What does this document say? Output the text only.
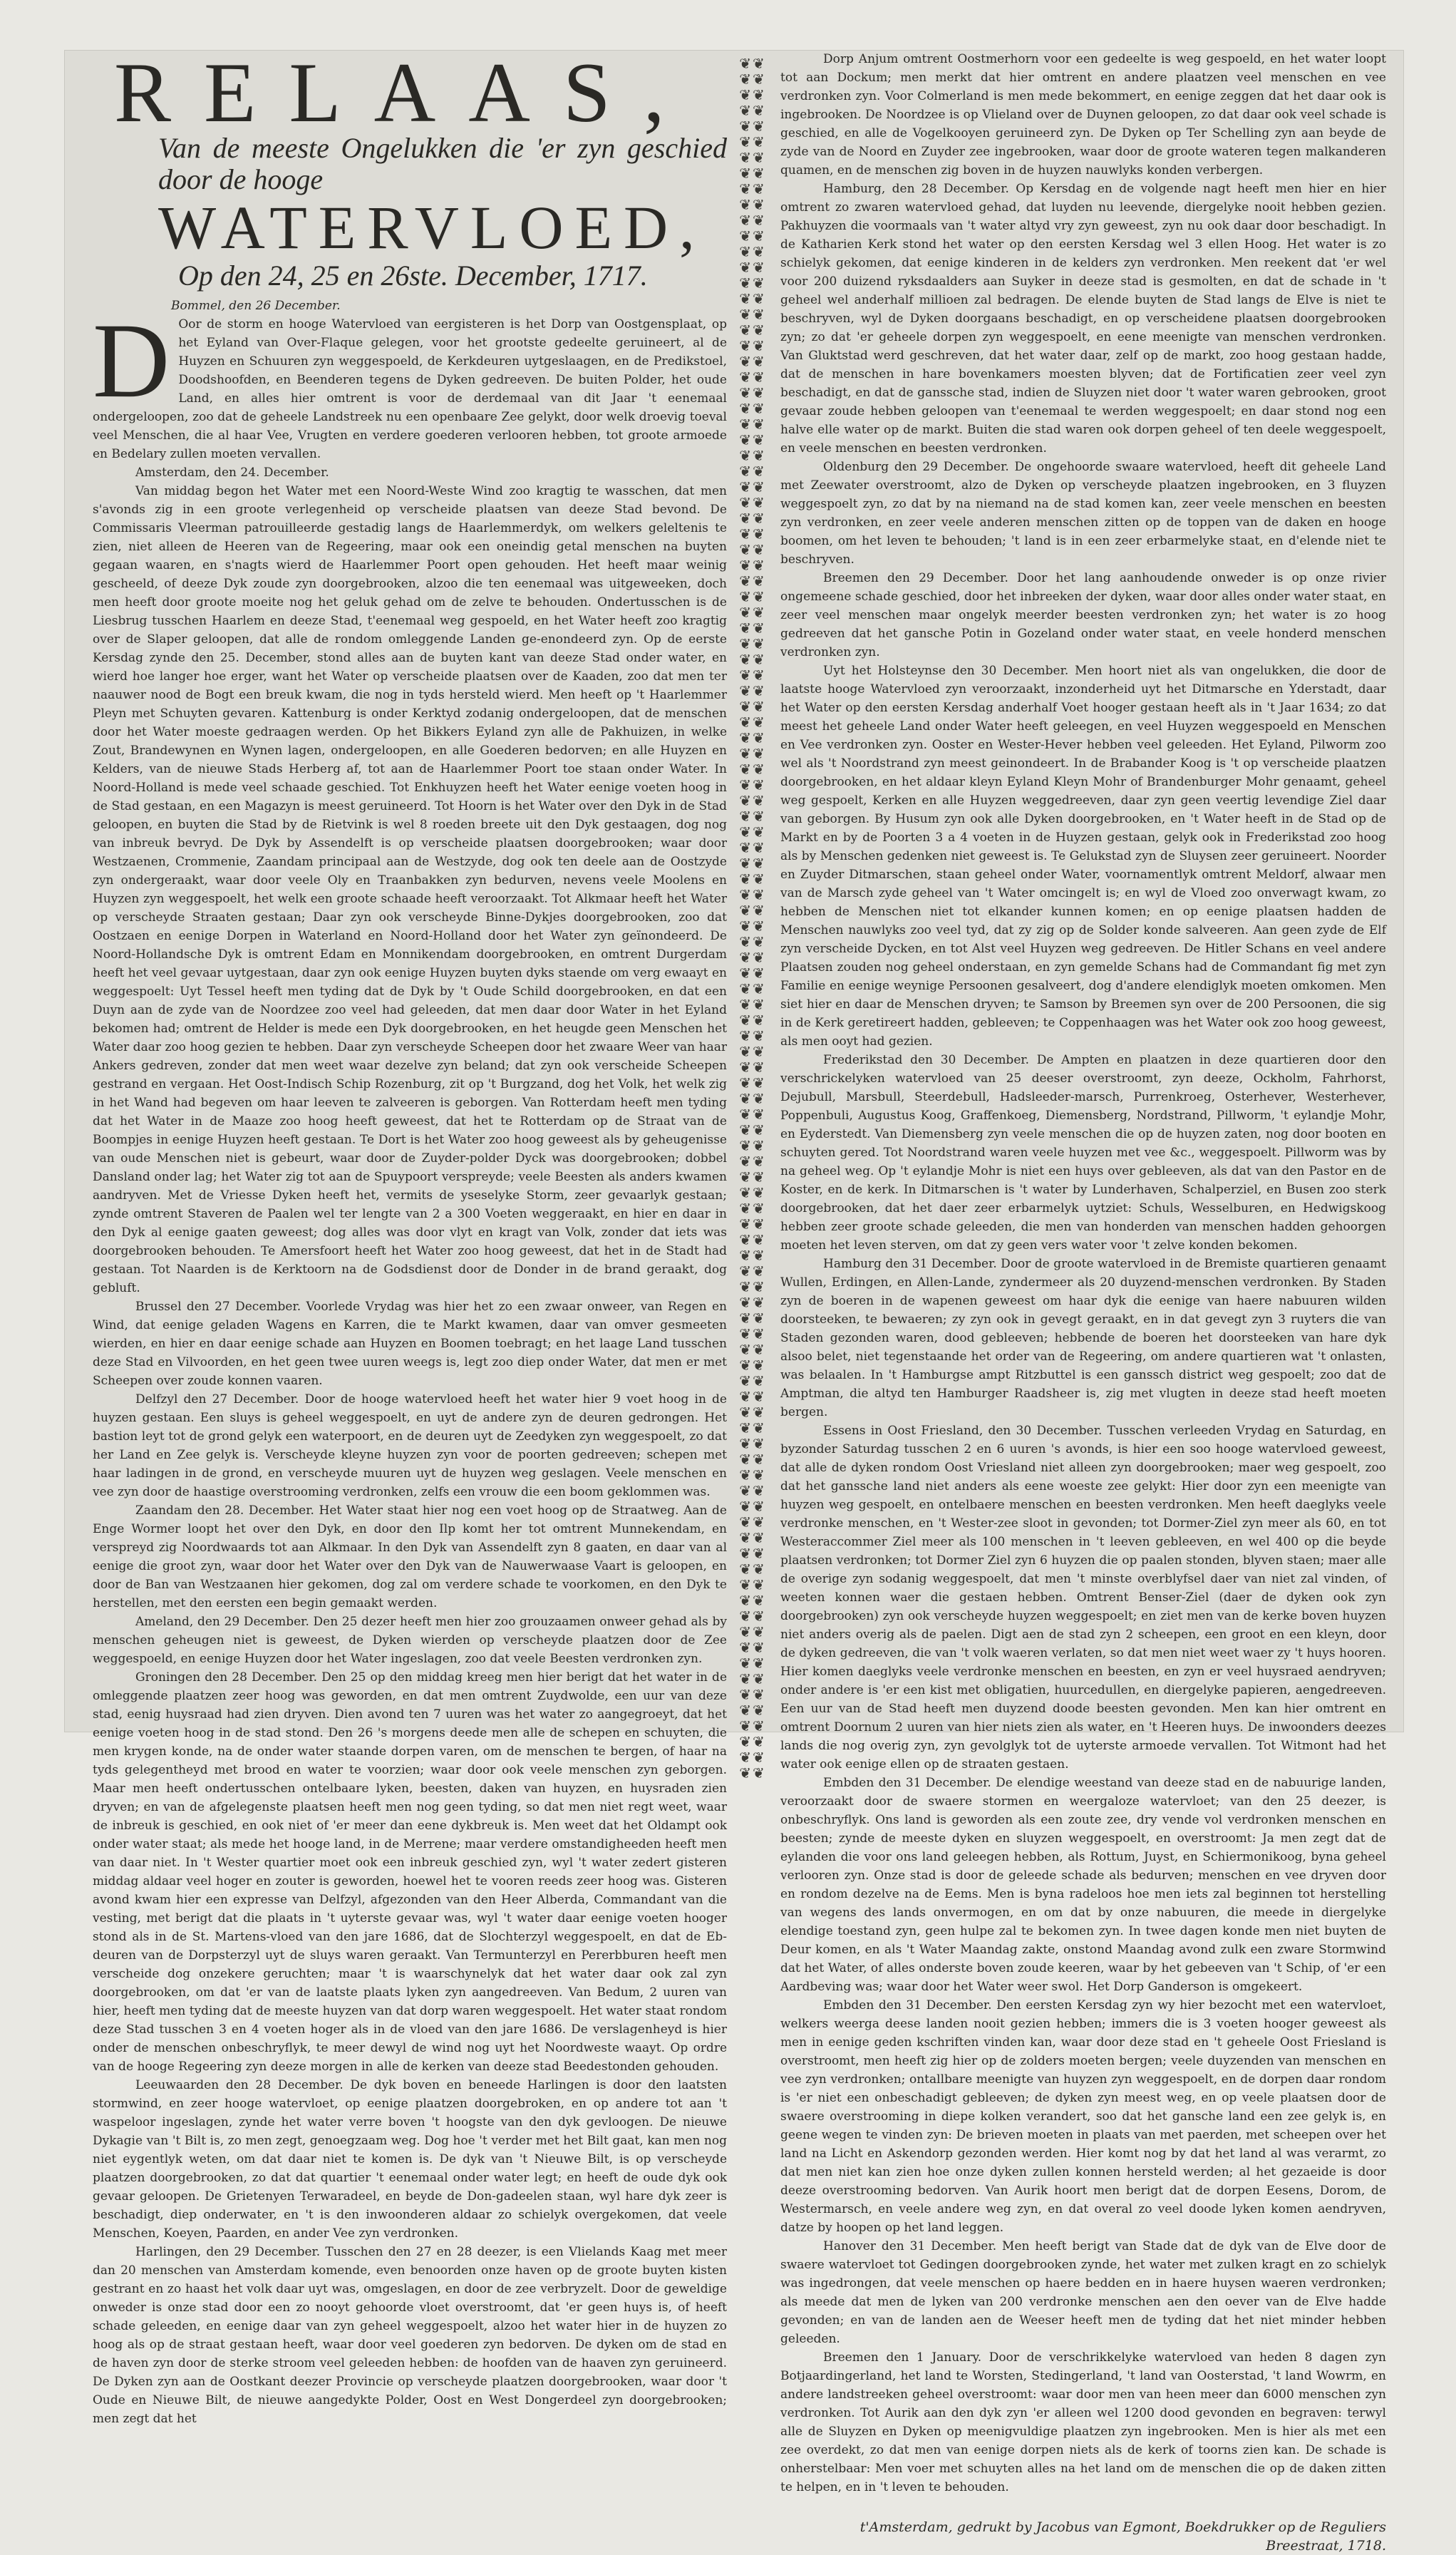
RELAAS,
Van de meeste Ongelukken die 'er zyn geschied door de hooge
WATERVLOED,
Op den 24, 25 en 26ste. December, 1717.
Bommel, den 26 December.
D Oor de storm en hooge Watervloed van eergisteren is het Dorp van Oostgensplaat, op het Eyland van Over-Flaque gelegen, voor het grootste gedeelte geruineert, al de Huyzen en Schuuren zyn weggespoeld, de Kerkdeuren uytgeslaagen, en de Predikstoel, Doodshoofden, en Beenderen tegens de Dyken gedreeven. De buiten Polder, het oude Land, en alles hier omtrent is voor de derdemaal van dit Jaar 't eenemaal ondergeloopen, zoo dat de geheele Landstreek nu een openbaare Zee gelykt, door welk droevig toeval veel Menschen, die al haar Vee, Vrugten en verdere goederen verlooren hebben, tot groote armoede en Bedelary zullen moeten vervallen.

Amsterdam, den 24. December.

Van middag begon het Water met een Noord-Weste Wind zoo kragtig te wasschen, dat men s'avonds zig in een groote verlegenheid op verscheide plaatsen van deeze Stad bevond. De Commissaris Vleerman patrouilleerde gestadig langs de Haarlemmerdyk, om welkers geleltenis te zien, niet alleen de Heeren van de Regeering, maar ook een oneindig getal menschen na buyten gegaan waaren, en s'nagts wierd de Haarlemmer Poort open gehouden. Het heeft maar weinig gescheeld, of deeze Dyk zoude zyn doorgebrooken, alzoo die ten eenemaal was uitgeweeken, doch men heeft door groote moeite nog het geluk gehad om de zelve te behouden. Ondertusschen is de Liesbrug tusschen Haarlem en deeze Stad, t'eenemaal weg gespoeld, en het Water heeft zoo kragtig over de Slaper geloopen, dat alle de rondom omleggende Landen ge-enondeerd zyn. Op de eerste Kersdag zynde den 25. December, stond alles aan de buyten kant van deeze Stad onder water, en wierd hoe langer hoe erger, want het Water op verscheide plaatsen over de Kaaden, zoo dat men ter naauwer nood de Bogt een breuk kwam, die nog in tyds hersteld wierd. Men heeft op 't Haarlemmer Pleyn met Schuyten gevaren. Kattenburg is onder Kerktyd zodanig ondergeloopen, dat de menschen door het Water moeste gedraagen werden. Op het Bikkers Eyland zyn alle de Pakhuizen, in welke Zout, Brandewynen en Wynen lagen, ondergeloopen, en alle Goederen bedorven; en alle Huyzen en Kelders, van de nieuwe Stads Herberg af, tot aan de Haarlemmer Poort toe staan onder Water. In Noord-Holland is mede veel schaade geschied. Tot Enkhuyzen heeft het Water eenige voeten hoog in de Stad gestaan, en een Magazyn is meest geruineerd. Tot Hoorn is het Water over den Dyk in de Stad geloopen, en buyten die Stad by de Rietvink is wel 8 roeden breete uit den Dyk gestaagen, dog nog van inbreuk bevryd. De Dyk by Assendelft is op verscheide plaatsen doorgebrooken; waar door Westzaenen, Crommenie, Zaandam principaal aan de Westzyde, dog ook ten deele aan de Oostzyde zyn ondergeraakt, waar door veele Oly en Traanbakken zyn bedurven, nevens veele Moolens en Huyzen zyn weggespoelt, het welk een groote schaade heeft veroorzaakt. Tot Alkmaar heeft het Water op verscheyde Straaten gestaan; Daar zyn ook verscheyde Binne-Dykjes doorgebrooken, zoo dat Oostzaen en eenige Dorpen in Waterland en Noord-Holland door het Water zyn geïnondeerd. De Noord-Hollandsche Dyk is omtrent Edam en Monnikendam doorgebrooken, en omtrent Durgerdam heeft het veel gevaar uytgestaan, daar zyn ook eenige Huyzen buyten dyks staende om verg ewaayt en weggespoelt: Uyt Tessel heeft men tyding dat de Dyk by 't Oude Schild doorgebrooken, en dat een Duyn aan de zyde van de Noordzee zoo veel had geleeden, dat men daar door Water in het Eyland bekomen had; omtrent de Helder is mede een Dyk doorgebrooken, en het heugde geen Menschen het Water daar zoo hoog gezien te hebben. Daar zyn verscheyde Scheepen door het zwaare Weer van haar Ankers gedreven, zonder dat men weet waar dezelve zyn beland; dat zyn ook verscheide Scheepen gestrand en vergaan. Het Oost-Indisch Schip Rozenburg, zit op 't Burgzand, dog het Volk, het welk zig in het Wand had begeven om haar leeven te zalveeren is geborgen. Van Rotterdam heeft men tyding dat het Water in de Maaze zoo hoog heeft geweest, dat het te Rotterdam op de Straat van de Boompjes in eenige Huyzen heeft gestaan. Te Dort is het Water zoo hoog geweest als by geheugenisse van oude Menschen niet is gebeurt, waar door de Zuyder-polder Dyck was doorgebrooken; dobbel Dansland onder lag; het Water zig tot aan de Spuypoort verspreyde; veele Beesten als anders kwamen aandryven. Met de Vriesse Dyken heeft het, vermits de yseselyke Storm, zeer gevaarlyk gestaan; zynde omtrent Staveren de Paalen wel ter lengte van 2 a 300 Voeten weggeraakt, en hier en daar in den Dyk al eenige gaaten geweest; dog alles was door vlyt en kragt van Volk, zonder dat iets was doorgebrooken behouden. Te Amersfoort heeft het Water zoo hoog geweest, dat het in de Stadt had gestaan. Tot Naarden is de Kerktoorn na de Godsdienst door de Donder in de brand geraakt, dog gebluft.

Brussel den 27 December. Voorlede Vrydag was hier het zo een zwaar onweer, van Regen en Wind, dat eenige geladen Wagens en Karren, die te Markt kwamen, daar van omver gesmeeten wierden, en hier en daar eenige schade aan Huyzen en Boomen toebragt; en het laage Land tusschen deze Stad en Vilvoorden, en het geen twee uuren weegs is, legt zoo diep onder Water, dat men er met Scheepen over zoude konnen vaaren.

Delfzyl den 27 December. Door de hooge watervloed heeft het water hier 9 voet hoog in de huyzen gestaan. Een sluys is geheel weggespoelt, en uyt de andere zyn de deuren gedrongen. Het bastion leyt tot de grond gelyk een waterpoort, en de deuren uyt de Zeedyken zyn weggespoelt, zo dat her Land en Zee gelyk is. Verscheyde kleyne huyzen zyn voor de poorten gedreeven; schepen met haar ladingen in de grond, en verscheyde muuren uyt de huyzen weg geslagen. Veele menschen en vee zyn door de haastige overstrooming verdronken, zelfs een vrouw die een boom geklommen was.

Zaandam den 28. December. Het Water staat hier nog een voet hoog op de Straatweg. Aan de Enge Wormer loopt het over den Dyk, en door den Ilp komt her tot omtrent Munnekendam, en verspreyd zig Noordwaards tot aan Alkmaar. In den Dyk van Assendelft zyn 8 gaaten, en daar van al eenige die groot zyn, waar door het Water over den Dyk van de Nauwerwaase Vaart is geloopen, en door de Ban van Westzaanen hier gekomen, dog zal om verdere schade te voorkomen, en den Dyk te herstellen, met den eersten een begin gemaakt werden.

Ameland, den 29 December. Den 25 dezer heeft men hier zoo grouzaamen onweer gehad als by menschen geheugen niet is geweest, de Dyken wierden op verscheyde plaatzen door de Zee weggespoeld, en eenige Huyzen door het Water ingeslagen, zoo dat veele Beesten verdronken zyn.

Groningen den 28 December. Den 25 op den middag kreeg men hier berigt dat het water in de omleggende plaatzen zeer hoog was geworden, en dat men omtrent Zuydwolde, een uur van deze stad, eenig huysraad had zien dryven. Dien avond ten 7 uuren was het water zo aangegroeyt, dat het eenige voeten hoog in de stad stond. Den 26 's morgens deede men alle de schepen en schuyten, die men krygen konde, na de onder water staande dorpen varen, om de menschen te bergen, of haar na tyds gelegentheyd met brood en water te voorzien; waar door ook veele menschen zyn geborgen. Maar men heeft ondertusschen ontelbaare lyken, beesten, daken van huyzen, en huysraden zien dryven; en van de afgelegenste plaatsen heeft men nog geen tyding, so dat men niet regt weet, waar de inbreuk is geschied, en ook niet of 'er meer dan eene dykbreuk is. Men weet dat het Oldampt ook onder water staat; als mede het hooge land, in de Merrene; maar verdere omstandigheeden heeft men van daar niet. In 't Wester quartier moet ook een inbreuk geschied zyn, wyl 't water zedert gisteren middag aldaar veel hoger en zouter is geworden, hoewel het te vooren reeds zeer hoog was. Gisteren avond kwam hier een expresse van Delfzyl, afgezonden van den Heer Alberda, Commandant van die vesting, met berigt dat die plaats in 't uyterste gevaar was, wyl 't water daar eenige voeten hooger stond als in de St. Martens-vloed van den jare 1686, dat de Slochterzyl weggespoelt, en dat de Eb-deuren van de Dorpsterzyl uyt de sluys waren geraakt. Van Termunterzyl en Pererbburen heeft men verscheide dog onzekere geruchten; maar 't is waarschynelyk dat het water daar ook zal zyn doorgebrooken, om dat 'er van de laatste plaats lyken zyn aangedreeven. Van Bedum, 2 uuren van hier, heeft men tyding dat de meeste huyzen van dat dorp waren weggespoelt. Het water staat rondom deze Stad tusschen 3 en 4 voeten hoger als in de vloed van den jare 1686. De verslagenheyd is hier onder de menschen onbeschryflyk, te meer dewyl de wind nog uyt het Noordweste waayt. Op ordre van de hooge Regeering zyn deeze morgen in alle de kerken van deeze stad Beedestonden gehouden.

Leeuwaarden den 28 December. De dyk boven en beneede Harlingen is door den laatsten stormwind, en zeer hooge watervloet, op eenige plaatzen doorgebroken, en op andere tot aan 't waspeloor ingeslagen, zynde het water verre boven 't hoogste van den dyk gevloogen. De nieuwe Dykagie van 't Bilt is, zo men zegt, genoegzaam weg. Dog hoe 't verder met het Bilt gaat, kan men nog niet eygentlyk weten, om dat daar niet te komen is. De dyk van 't Nieuwe Bilt, is op verscheyde plaatzen doorgebrooken, zo dat dat quartier 't eenemaal onder water legt; en heeft de oude dyk ook gevaar geloopen. De Grietenyen Terwaradeel, en beyde de Don-gadeelen staan, wyl hare dyk zeer is beschadigt, diep onderwater, en 't is den inwoonderen aldaar zo schielyk overgekomen, dat veele Menschen, Koeyen, Paarden, en ander Vee zyn verdronken.

Harlingen, den 29 December. Tusschen den 27 en 28 deezer, is een Vlielands Kaag met meer dan 20 menschen van Amsterdam komende, even benoorden onze haven op de groote buyten kisten gestrant en zo haast het volk daar uyt was, omgeslagen, en door de zee verbryzelt. Door de geweldige onweder is onze stad door een zo nooyt gehoorde vloet overstroomt, dat 'er geen huys is, of heeft schade geleeden, en eenige daar van zyn geheel weggespoelt, alzoo het water hier in de huyzen zo hoog als op de straat gestaan heeft, waar door veel goederen zyn bedorven. De dyken om de stad en de haven zyn door de sterke stroom veel geleeden hebben: de hoofden van de haaven zyn geruineerd. De Dyken zyn aan de Oostkant deezer Provincie op verscheyde plaatzen doorgebrooken, waar door 't Oude en Nieuwe Bilt, de nieuwe aangedykte Polder, Oost en West Dongerdeel zyn doorgebrooken; men zegt dat het

❦❦
❦❦
❦❦
❦❦
❦❦
❦❦
❦❦
❦❦
❦❦
❦❦
❦❦
❦❦
❦❦
❦❦
❦❦
❦❦
❦❦
❦❦
❦❦
❦❦
❦❦
❦❦
❦❦
❦❦
❦❦
❦❦
❦❦
❦❦
❦❦
❦❦
❦❦
❦❦
❦❦
❦❦
❦❦
❦❦
❦❦
❦❦
❦❦
❦❦
❦❦
❦❦
❦❦
❦❦
❦❦
❦❦
❦❦
❦❦
❦❦
❦❦
❦❦
❦❦
❦❦
❦❦
❦❦
❦❦
❦❦
❦❦
❦❦
❦❦
❦❦
❦❦
❦❦
❦❦
❦❦
❦❦
❦❦
❦❦
❦❦
❦❦
❦❦
❦❦
❦❦
❦❦
❦❦
❦❦
❦❦
❦❦
❦❦
❦❦
❦❦
❦❦
❦❦
❦❦
❦❦
❦❦
❦❦
❦❦
❦❦
❦❦
❦❦
❦❦
❦❦
❦❦
❦❦
❦❦
❦❦
❦❦
❦❦
❦❦
❦❦
❦❦
❦❦
❦❦
❦❦
❦❦
❦❦
❦❦
❦❦
❦❦

Dorp Anjum omtrent Oostmerhorn voor een gedeelte is weg gespoeld, en het water loopt tot aan Dockum; men merkt dat hier omtrent en andere plaatzen veel menschen en vee verdronken zyn. Voor Colmerland is men mede bekommert, en eenige zeggen dat het daar ook is ingebrooken. De Noordzee is op Vlieland over de Duynen geloopen, zo dat daar ook veel schade is geschied, en alle de Vogelkooyen geruineerd zyn. De Dyken op Ter Schelling zyn aan beyde de zyde van de Noord en Zuyder zee ingebrooken, waar door de groote wateren tegen malkanderen quamen, en de menschen zig boven in de huyzen nauwlyks konden verbergen.

Hamburg, den 28 December. Op Kersdag en de volgende nagt heeft men hier en hier omtrent zo zwaren watervloed gehad, dat luyden nu leevende, diergelyke nooit hebben gezien. Pakhuyzen die voormaals van 't water altyd vry zyn geweest, zyn nu ook daar door beschadigt. In de Katharien Kerk stond het water op den eersten Kersdag wel 3 ellen Hoog. Het water is zo schielyk gekomen, dat eenige kinderen in de kelders zyn verdronken. Men reekent dat 'er wel voor 200 duizend ryksdaalders aan Suyker in deeze stad is gesmolten, en dat de schade in 't geheel wel anderhalf millioen zal bedragen. De elende buyten de Stad langs de Elve is niet te beschryven, wyl de Dyken doorgaans beschadigt, en op verscheidene plaatsen doorgebrooken zyn; zo dat 'er geheele dorpen zyn weggespoelt, en eene meenigte van menschen verdronken. Van Gluktstad werd geschreven, dat het water daar, zelf op de markt, zoo hoog gestaan hadde, dat de menschen in hare bovenkamers moesten blyven; dat de Fortificatien zeer veel zyn beschadigt, en dat de ganssche stad, indien de Sluyzen niet door 't water waren gebrooken, groot gevaar zoude hebben geloopen van t'eenemaal te werden weggespoelt; en daar stond nog een halve elle water op de markt. Buiten die stad waren ook dorpen geheel of ten deele weggespoelt, en veele menschen en beesten verdronken.

Oldenburg den 29 December. De ongehoorde swaare watervloed, heeft dit geheele Land met Zeewater overstroomt, alzo de Dyken op verscheyde plaatzen ingebrooken, en 3 fluyzen weggespoelt zyn, zo dat by na niemand na de stad komen kan, zeer veele menschen en beesten zyn verdronken, en zeer veele anderen menschen zitten op de toppen van de daken en hooge boomen, om het leven te behouden; 't land is in een zeer erbarmelyke staat, en d'elende niet te beschryven.

Breemen den 29 December. Door het lang aanhoudende onweder is op onze rivier ongemeene schade geschied, door het inbreeken der dyken, waar door alles onder water staat, en zeer veel menschen maar ongelyk meerder beesten verdronken zyn; het water is zo hoog gedreeven dat het gansche Potin in Gozeland onder water staat, en veele honderd menschen verdronken zyn.

Uyt het Holsteynse den 30 December. Men hoort niet als van ongelukken, die door de laatste hooge Watervloed zyn veroorzaakt, inzonderheid uyt het Ditmarsche en Yderstadt, daar het Water op den eersten Kersdag anderhalf Voet hooger gestaan heeft als in 't Jaar 1634; zo dat meest het geheele Land onder Water heeft geleegen, en veel Huyzen weggespoeld en Menschen en Vee verdronken zyn. Ooster en Wester-Hever hebben veel geleeden. Het Eyland, Pilworm zoo wel als 't Noordstrand zyn meest geinondeert. In de Brabander Koog is 't op verscheide plaatzen doorgebrooken, en het aldaar kleyn Eyland Kleyn Mohr of Brandenburger Mohr genaamt, geheel weg gespoelt, Kerken en alle Huyzen weggedreeven, daar zyn geen veertig levendige Ziel daar van geborgen. By Husum zyn ook alle Dyken doorgebrooken, en 't Water heeft in de Stad op de Markt en by de Poorten 3 a 4 voeten in de Huyzen gestaan, gelyk ook in Frederikstad zoo hoog als by Menschen gedenken niet geweest is. Te Gelukstad zyn de Sluysen zeer geruineert. Noorder en Zuyder Ditmarschen, staan geheel onder Water, voornamentlyk omtrent Meldorf, alwaar men van de Marsch zyde geheel van 't Water omcingelt is; en wyl de Vloed zoo onverwagt kwam, zo hebben de Menschen niet tot elkander kunnen komen; en op eenige plaatsen hadden de Menschen nauwlyks zoo veel tyd, dat zy zig op de Solder konde salveeren. Aan geen zyde de Elf zyn verscheide Dycken, en tot Alst veel Huyzen weg gedreeven. De Hitler Schans en veel andere Plaatsen zouden nog geheel onderstaan, en zyn gemelde Schans had de Commandant fig met zyn Familie en eenige weynige Persoonen gesalveert, dog d'andere elendiglyk moeten omkomen. Men siet hier en daar de Menschen dryven; te Samson by Breemen syn over de 200 Persoonen, die sig in de Kerk geretireert hadden, gebleeven; te Coppenhaagen was het Water ook zoo hoog geweest, als men ooyt had gezien.

Frederikstad den 30 December. De Ampten en plaatzen in deze quartieren door den verschrickelyken watervloed van 25 deeser overstroomt, zyn deeze, Ockholm, Fahrhorst, Dejubull, Marsbull, Steerdebull, Hadsleeder-marsch, Purrenkroeg, Osterhever, Westerhever, Poppenbuli, Augustus Koog, Graffenkoeg, Diemensberg, Nordstrand, Pillworm, 't eylandje Mohr, en Eyderstedt. Van Diemensberg zyn veele menschen die op de huyzen zaten, nog door booten en schuyten gered. Tot Noordstrand waren veele huyzen met vee &c., weggespoelt. Pillworm was by na geheel weg. Op 't eylandje Mohr is niet een huys over gebleeven, als dat van den Pastor en de Koster, en de kerk. In Ditmarschen is 't water by Lunderhaven, Schalperziel, en Busen zoo sterk doorgebrooken, dat het daer zeer erbarmelyk uytziet: Schuls, Wesselburen, en Hedwigskoog hebben zeer groote schade geleeden, die men van honderden van menschen hadden gehoorgen moeten het leven sterven, om dat zy geen vers water voor 't zelve konden bekomen.

Hamburg den 31 December. Door de groote watervloed in de Bremiste quartieren genaamt Wullen, Erdingen, en Allen-Lande, zyndermeer als 20 duyzend-menschen verdronken. By Staden zyn de boeren in de wapenen geweest om haar dyk die eenige van haere nabuuren wilden doorsteeken, te bewaeren; zy zyn ook in gevegt geraakt, en in dat gevegt zyn 3 ruyters die van Staden gezonden waren, dood gebleeven; hebbende de boeren het doorsteeken van hare dyk alsoo belet, niet tegenstaande het order van de Regeering, om andere quartieren wat 't onlasten, was belaalen. In 't Hamburgse ampt Ritzbuttel is een ganssch district weg gespoelt; zoo dat de Amptman, die altyd ten Hamburger Raadsheer is, zig met vlugten in deeze stad heeft moeten bergen.

Essens in Oost Friesland, den 30 December. Tusschen verleeden Vrydag en Saturdag, en byzonder Saturdag tusschen 2 en 6 uuren 's avonds, is hier een soo hooge watervloed geweest, dat alle de dyken rondom Oost Vriesland niet alleen zyn doorgebrooken; maer weg gespoelt, zoo dat het ganssche land niet anders als eene woeste zee gelykt: Hier door zyn een meenigte van huyzen weg gespoelt, en ontelbaere menschen en beesten verdronken. Men heeft daeglyks veele verdronke menschen, en 't Wester-zee sloot in gevonden; tot Dormer-Ziel zyn meer als 60, en tot Westeraccommer Ziel meer als 100 menschen in 't leeven gebleeven, en wel 400 op die beyde plaatsen verdronken; tot Dormer Ziel zyn 6 huyzen die op paalen stonden, blyven staen; maer alle de overige zyn sodanig weggespoelt, dat men 't minste overblyfsel daer van niet zal vinden, of weeten konnen waer die gestaen hebben. Omtrent Benser-Ziel (daer de dyken ook zyn doorgebrooken) zyn ook verscheyde huyzen weggespoelt; en ziet men van de kerke boven huyzen niet anders overig als de paelen. Digt aen de stad zyn 2 scheepen, een groot en een kleyn, door de dyken gedreeven, die van 't volk waeren verlaten, so dat men niet weet waer zy 't huys hooren. Hier komen daeglyks veele verdronke menschen en beesten, en zyn er veel huysraed aendryven; onder andere is 'er een kist met obligatien, huurcedullen, en diergelyke papieren, aengedreeven. Een uur van de Stad heeft men duyzend doode beesten gevonden. Men kan hier omtrent en omtrent Doornum 2 uuren van hier niets zien als water, en 't Heeren huys. De inwoonders deezes lands die nog overig zyn, zyn gevolglyk tot de uyterste armoede vervallen. Tot Witmont had het water ook eenige ellen op de straaten gestaen.

Embden den 31 December. De elendige weestand van deeze stad en de nabuurige landen, veroorzaakt door de swaere stormen en weergaloze watervloet; van den 25 deezer, is onbeschryflyk. Ons land is geworden als een zoute zee, dry vende vol verdronken menschen en beesten; zynde de meeste dyken en sluyzen weggespoelt, en overstroomt: Ja men zegt dat de eylanden die voor ons land geleegen hebben, als Rottum, Juyst, en Schiermonikoog, byna geheel verlooren zyn. Onze stad is door de geleede schade als bedurven; menschen en vee dryven door en rondom dezelve na de Eems. Men is byna radeloos hoe men iets zal beginnen tot herstelling van wegens des lands onvermogen, en om dat by onze nabuuren, die meede in diergelyke elendige toestand zyn, geen hulpe zal te bekomen zyn. In twee dagen konde men niet buyten de Deur komen, en als 't Water Maandag zakte, onstond Maandag avond zulk een zware Stormwind dat het Water, of alles onderste boven zoude keeren, waar by het gebeeven van 't Schip, of 'er een Aardbeving was; waar door het Water weer swol. Het Dorp Ganderson is omgekeert.

Embden den 31 December. Den eersten Kersdag zyn wy hier bezocht met een watervloet, welkers weerga deese landen nooit gezien hebben; immers die is 3 voeten hooger geweest als men in eenige geden kschriften vinden kan, waar door deze stad en 't geheele Oost Friesland is overstroomt, men heeft zig hier op de zolders moeten bergen; veele duyzenden van menschen en vee zyn verdronken; ontallbare meenigte van huyzen zyn weggespoelt, en de dorpen daar rondom is 'er niet een onbeschadigt gebleeven; de dyken zyn meest weg, en op veele plaatsen door de swaere overstrooming in diepe kolken verandert, soo dat het gansche land een zee gelyk is, en geene wegen te vinden zyn: De brieven moeten in plaats van met paerden, met scheepen over het land na Licht en Askendorp gezonden werden. Hier komt nog by dat het land al was verarmt, zo dat men niet kan zien hoe onze dyken zullen konnen hersteld werden; al het gezaeide is door deeze overstrooming bedorven. Van Aurik hoort men berigt dat de dorpen Eesens, Dorom, de Westermarsch, en veele andere weg zyn, en dat overal zo veel doode lyken komen aendryven, datze by hoopen op het land leggen.

Hanover den 31 December. Men heeft berigt van Stade dat de dyk van de Elve door de swaere watervloet tot Gedingen doorgebrooken zynde, het water met zulken kragt en zo schielyk was ingedrongen, dat veele menschen op haere bedden en in haere huysen waeren verdronken; als meede dat men de lyken van 200 verdronke menschen aen den oever van de Elve hadde gevonden; en van de landen aen de Weeser heeft men de tyding dat het niet minder hebben geleeden.

Breemen den 1 January. Door de verschrikkelyke watervloed van heden 8 dagen zyn Botjaardingerland, het land te Worsten, Stedingerland, 't land van Oosterstad, 't land Wowrm, en andere landstreeken geheel overstroomt: waar door men van heen meer dan 6000 menschen zyn verdronken. Tot Aurik aan den dyk zyn 'er alleen wel 1200 dood gevonden en begraven: terwyl alle de Sluyzen en Dyken op meenigvuldige plaatzen zyn ingebrooken. Men is hier als met een zee overdekt, zo dat men van eenige dorpen niets als de kerk of toorns zien kan. De schade is onherstelbaar: Men voer met schuyten alles na het land om de menschen die op de daken zitten te helpen, en in 't leven te behouden.

t'Amsterdam, gedrukt by Jacobus van Egmont, Boekdrukker op de Reguliers Breestraat, 1718.
